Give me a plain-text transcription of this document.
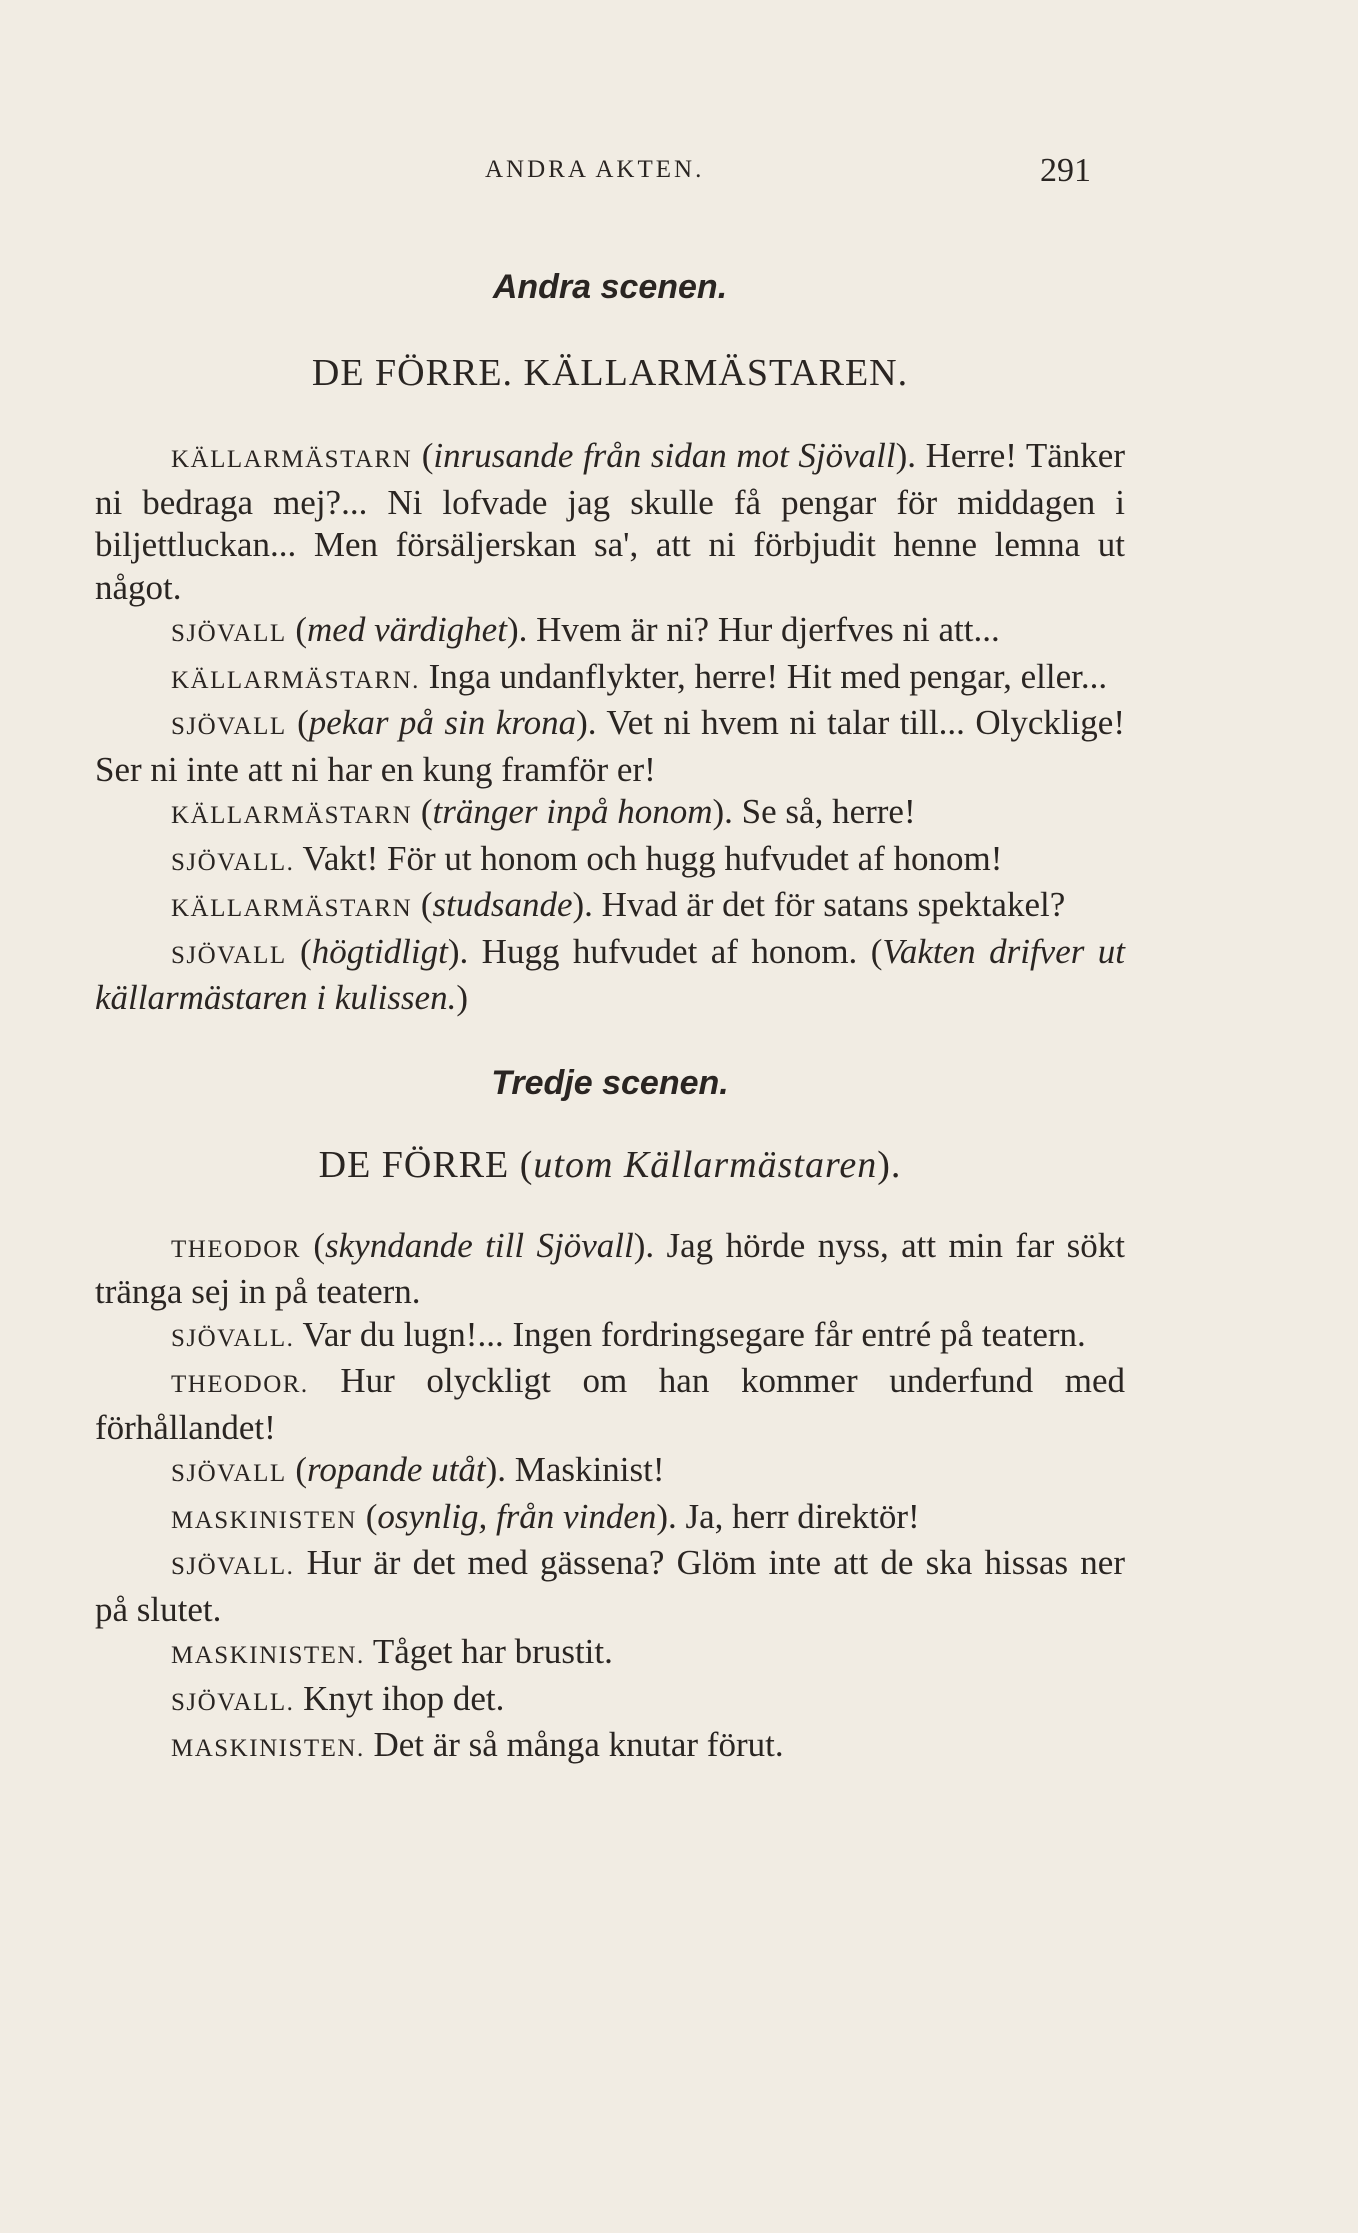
ANDRA AKTEN.	291
Andra scenen.

DE FÖRRE. KÄLLARMÄSTAREN.

KÄLLARMÄSTARN (inrusande från sidan mot Sjövall). Herre! Tänker ni bedraga mej?... Ni lofvade jag skulle få pengar för middagen i biljettluckan... Men försäljerskan sa', att ni förbjudit henne lemna ut något.

SJÖVALL (med värdighet). Hvem är ni? Hur djerfves ni att...

KÄLLARMÄSTARN. Inga undanflykter, herre! Hit med pengar, eller...

SJÖVALL (pekar på sin krona). Vet ni hvem ni talar till... Olycklige! Ser ni inte att ni har en kung framför er!

KÄLLARMÄSTARN (tränger inpå honom). Se så, herre!

SJÖVALL. Vakt! För ut honom och hugg hufvudet af honom!

KÄLLARMÄSTARN (studsande). Hvad är det för satans spektakel?

SJÖVALL (högtidligt). Hugg hufvudet af honom. (Vakten drifver ut källarmästaren i kulissen.)

Tredje scenen.

DE FÖRRE (utom Källarmästaren).

THEODOR (skyndande till Sjövall). Jag hörde nyss, att min far sökt tränga sej in på teatern.

SJÖVALL. Var du lugn!... Ingen fordringsegare får entré på teatern.

THEODOR. Hur olyckligt om han kommer underfund med förhållandet!

SJÖVALL (ropande utåt). Maskinist!

MASKINISTEN (osynlig, från vinden). Ja, herr direktör!

SJÖVALL. Hur är det med gässena? Glöm inte att de ska hissas ner på slutet.

MASKINISTEN. Tåget har brustit.

SJÖVALL. Knyt ihop det.

MASKINISTEN. Det är så många knutar förut.
